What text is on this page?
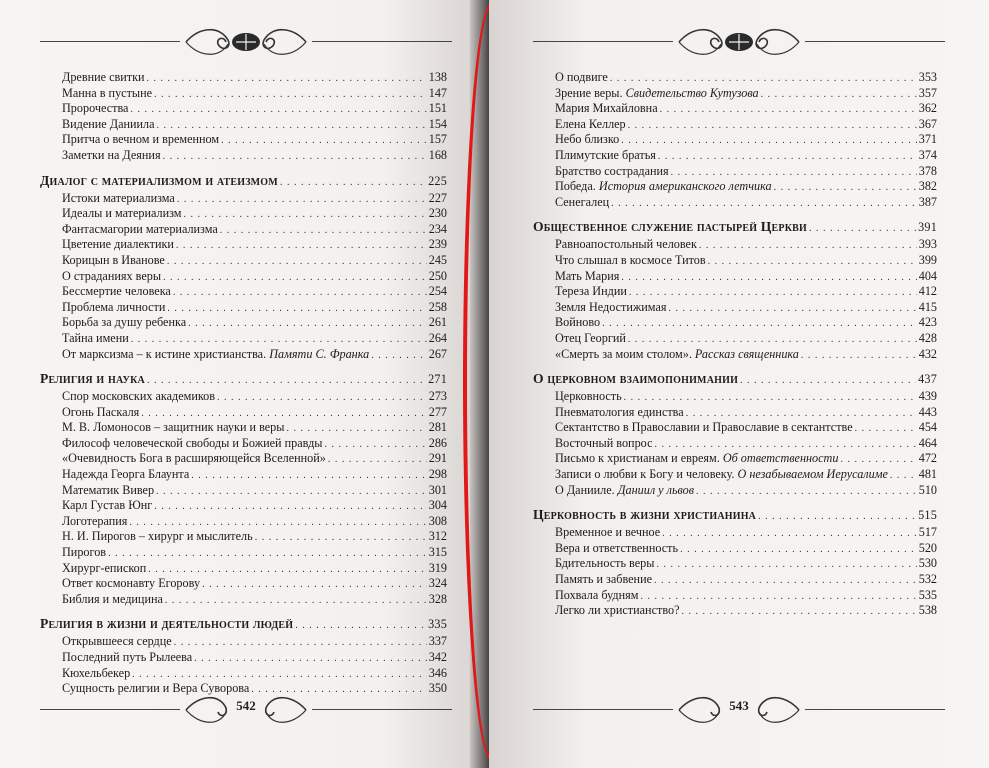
Древние свитки . . .	138
Манна в пустыне . . .	147
Пророчества . . .	151
Видение Даниила . . .	154
Притча о вечном и временном . . .	157
Заметки на Деяния . . .	168
Диалог с материализмом и атеизмом . . .	225
Истоки материализма . . .	227
Идеалы и материализм . . .	230
Фантасмагории материализма . . .	234
Цветение диалектики . . .	239
Корицын в Иванове . . .	245
О страданиях веры . . .	250
Бессмертие человека . . .	254
Проблема личности . . .	258
Борьба за душу ребенка . . .	261
Тайна имени . . .	264
От марксизма – к истине христианства. Памяти С. Франка . . .	267
Религия и наука . . .	271
Спор московских академиков . . .	273
Огонь Паскаля . . .	277
М. В. Ломоносов – защитник науки и веры . . .	281
Философ человеческой свободы и Божией правды . . .	286
«Очевидность Бога в расширяющейся Вселенной» . . .	291
Надежда Георга Блаунта . . .	298
Математик Вивер . . .	301
Карл Густав Юнг . . .	304
Логотерапия . . .	308
Н. И. Пирогов – хирург и мыслитель . . .	312
Пирогов . . .	315
Хирург-епископ . . .	319
Ответ космонавту Егорову . . .	324
Библия и медицина . . .	328
Религия в жизни и деятельности людей . . .	335
Открывшееся сердце . . .	337
Последний путь Рылеева . . .	342
Кюхельбекер . . .	346
Сущность религии и Вера Суворова . . .	350
542
О подвиге . . .	353
Зрение веры. Свидетельство Кутузова . . .	357
Мария Михайловна . . .	362
Елена Келлер . . .	367
Небо близко . . .	371
Плимутские братья . . .	374
Братство сострадания . . .	378
Победа. История американского летчика . . .	382
Сенегалец . . .	387
Общественное служение пастырей Церкви . . .	391
Равноапостольный человек . . .	393
Что слышал в космосе Титов . . .	399
Мать Мария . . .	404
Тереза Индии . . .	412
Земля Недостижимая . . .	415
Войново . . .	423
Отец Георгий . . .	428
«Смерть за моим столом». Рассказ священника . . .	432
О церковном взаимопонимании . . .	437
Церковность . . .	439
Пневматология единства . . .	443
Сектантство в Православии и Православие в сектантстве . . .	454
Восточный вопрос . . .	464
Письмо к христианам и евреям. Об ответственности . . .	472
Записи о любви к Богу и человеку. О незабываемом Иерусалиме . . .	481
О Данииле. Даниил у львов . . .	510
Церковность в жизни христианина . . .	515
Временное и вечное . . .	517
Вера и ответственность . . .	520
Бдительность веры . . .	530
Память и забвение . . .	532
Похвала будням . . .	535
Легко ли христианство? . . .	538
543
